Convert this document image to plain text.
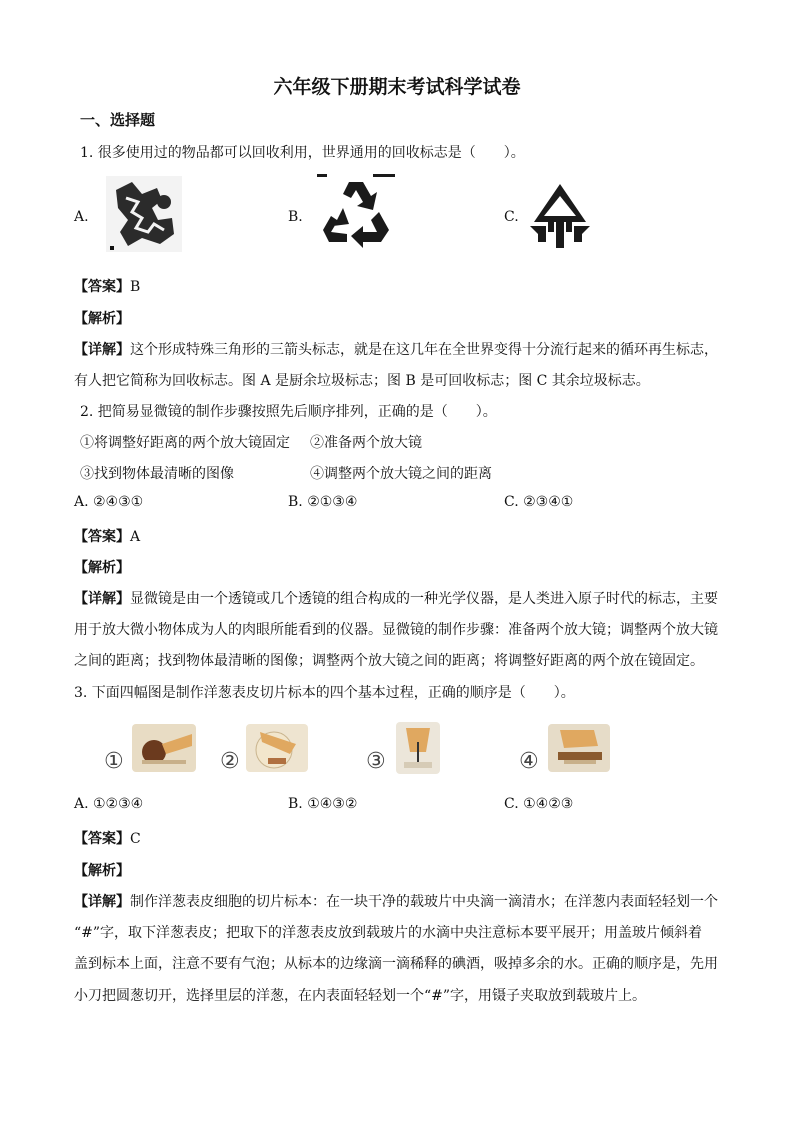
六年级下册期末考试科学试卷
一、选择题
1. 很多使用过的物品都可以回收利用，世界通用的回收标志是（　　）。
A.	B.	C.
【答案】B
【解析】
【详解】这个形成特殊三角形的三箭头标志，就是在这几年在全世界变得十分流行起来的循环再生标志，
有人把它简称为回收标志。图 A 是厨余垃圾标志；图 B 是可回收标志；图 C 其余垃圾标志。
2. 把简易显微镜的制作步骤按照先后顺序排列，正确的是（　　）。
①将调整好距离的两个放大镜固定 ②准备两个放大镜
③找到物体最清晰的图像	④调整两个放大镜之间的距离
A. ②④③①	B. ②①③④	C. ②③④①
【答案】A
【解析】
【详解】显微镜是由一个透镜或几个透镜的组合构成的一种光学仪器，是人类进入原子时代的标志，主要
用于放大微小物体成为人的肉眼所能看到的仪器。显微镜的制作步骤：准备两个放大镜；调整两个放大镜
之间的距离；找到物体最清晰的图像；调整两个放大镜之间的距离；将调整好距离的两个放在镜固定。
3. 下面四幅图是制作洋葱表皮切片标本的四个基本过程，正确的顺序是（　　）。
①	②	③	④
A. ①②③④	B. ①④③②	C. ①④②③
【答案】C
【解析】
【详解】制作洋葱表皮细胞的切片标本：在一块干净的载玻片中央滴一滴清水；在洋葱内表面轻轻划一个
“#”字，取下洋葱表皮；把取下的洋葱表皮放到载玻片的水滴中央注意标本要平展开；用盖玻片倾斜着
盖到标本上面，注意不要有气泡；从标本的边缘滴一滴稀释的碘酒，吸掉多余的水。正确的顺序是，先用
小刀把圆葱切开，选择里层的洋葱，在内表面轻轻划一个“#”字，用镊子夹取放到载玻片上。
